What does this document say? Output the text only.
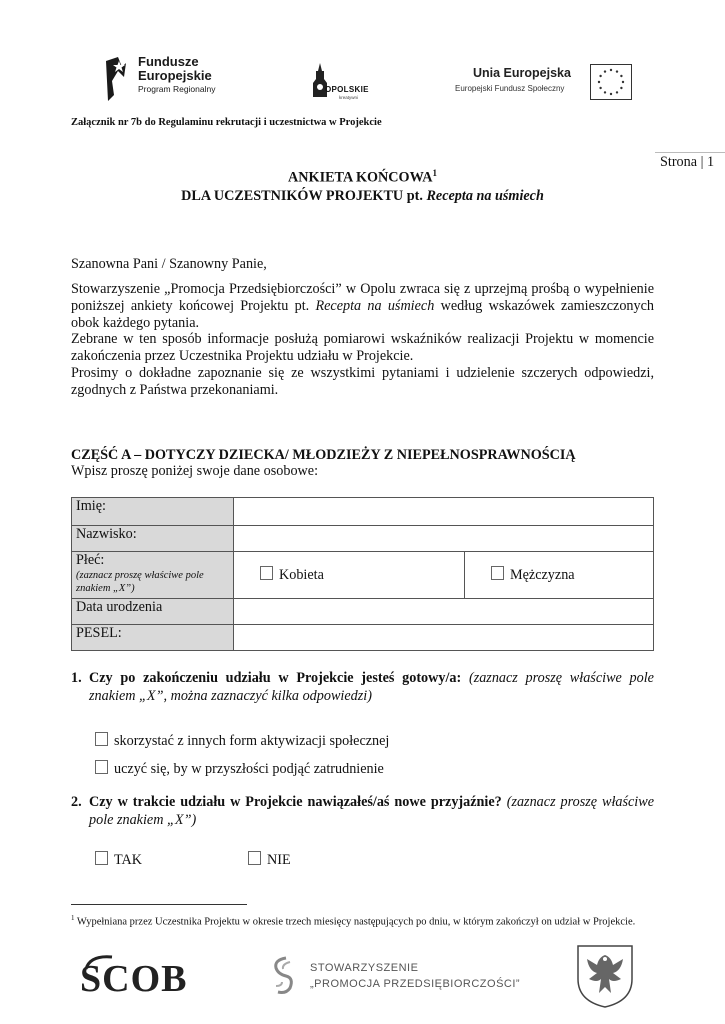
Fundusze
Europejskie
Program Regionalny	OPOLSKIE
kreatywni
Unia Europejska
Europejski Fundusz Społeczny
Załącznik nr 7b do Regulaminu rekrutacji i uczestnictwa w Projekcie
Strona | 1
ANKIETA KOŃCOWA$^1$
DLA UCZESTNIKÓW PROJEKTU pt. Recepta na uśmiech
Szanowna Pani / Szanowny Panie,

Stowarzyszenie „Promocja Przedsiębiorczości” w Opolu zwraca się z uprzejmą prośbą o wypełnienie poniższej ankiety końcowej Projektu pt. Recepta na uśmiech według wskazówek zamieszczonych obok każdego pytania.

Zebrane w ten sposób informacje posłużą pomiarowi wskaźników realizacji Projektu w momencie zakończenia przez Uczestnika Projektu udziału w Projekcie.

Prosimy o dokładne zapoznanie się ze wszystkimi pytaniami i udzielenie szczerych odpowiedzi, zgodnych z Państwa przekonaniami.

CZĘŚĆ A – DOTYCZY DZIECKA/ MŁODZIEŻY Z NIEPEŁNOSPRAWNOŚCIĄ
Wpisz proszę poniżej swoje dane osobowe:
Imię:		
Nazwisko:		

Płeć:
(zaznacz proszę właściwe pole znakiem „X”)	Kobieta	Mężczyzna
Data urodzenia		
PESEL:		
1. Czy po zakończeniu udziału w Projekcie jesteś gotowy/a: (zaznacz proszę właściwe pole znakiem „X”, można zaznaczyć kilka odpowiedzi)
skorzystać z innych form aktywizacji społecznej
uczyć się, by w przyszłości podjąć zatrudnienie
2. Czy w trakcie udziału w Projekcie nawiązałeś/aś nowe przyjaźnie? (zaznacz proszę właściwe pole znakiem „X”)
TAK	NIE
$^1$ Wypełniana przez Uczestnika Projektu w okresie trzech miesięcy następujących po dniu, w którym zakończył on udział w Projekcie.
SCOB	STOWARZYSZENIE
„PROMOCJA PRZEDSIĘBIORCZOŚCI”
